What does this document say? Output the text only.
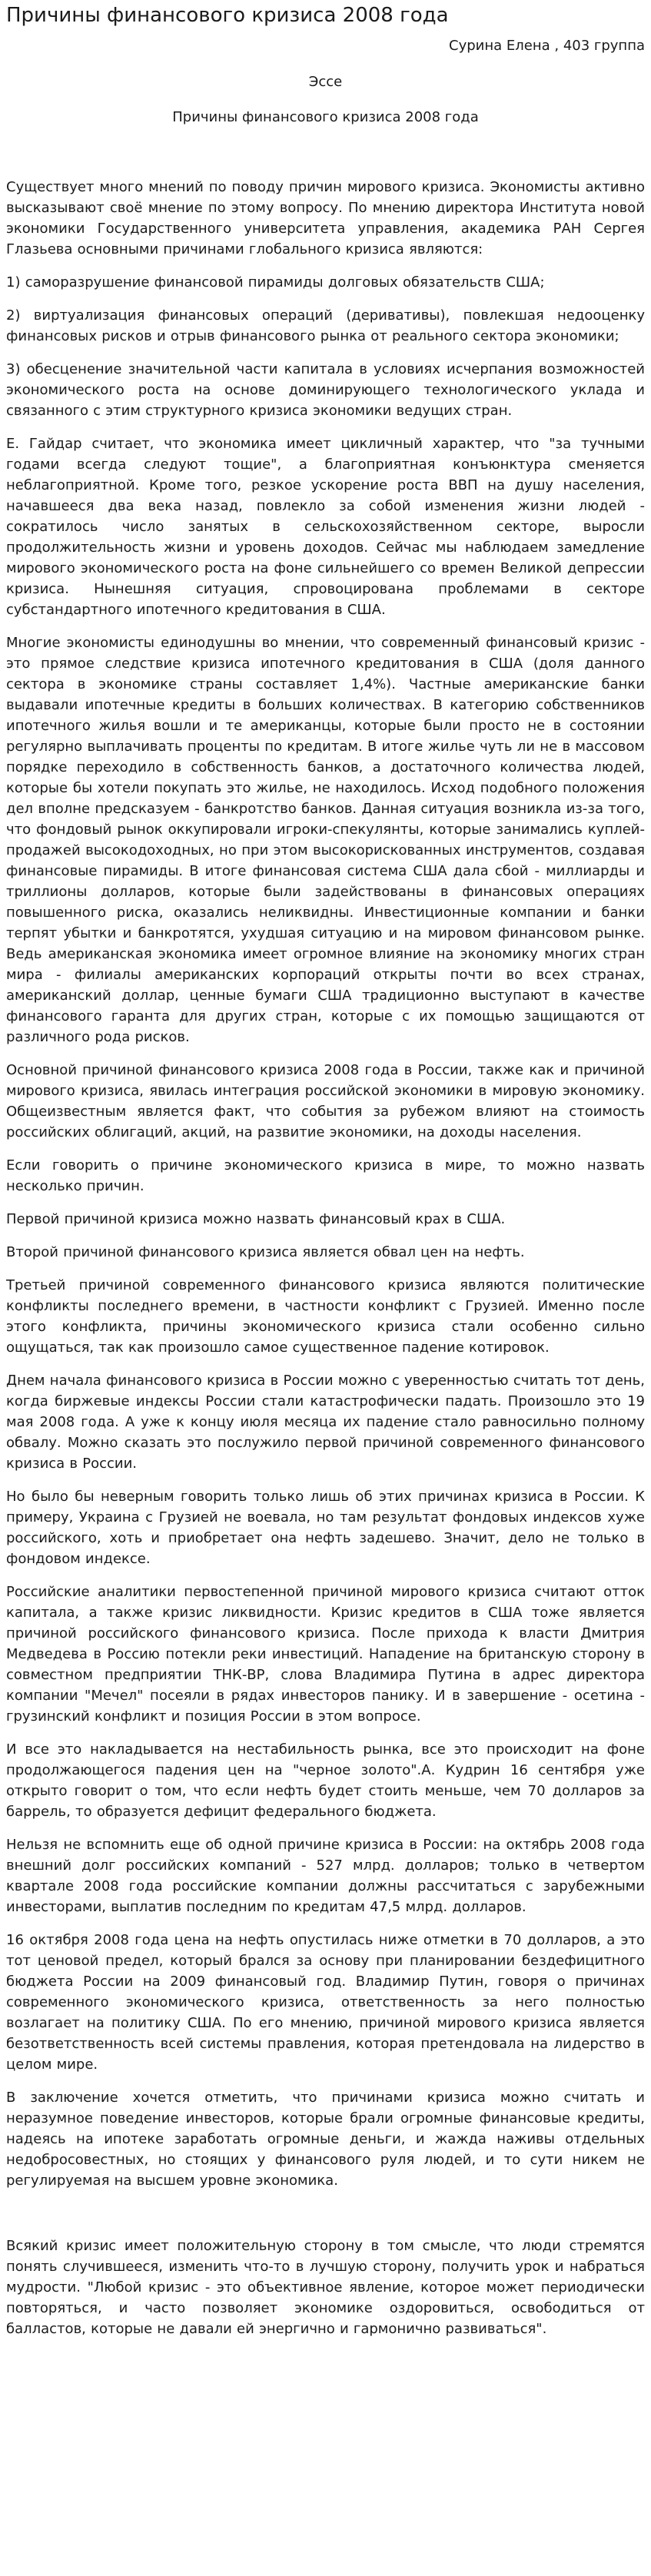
Причины финансового кризиса 2008 года
Сурина Елена , 403 группа
Эссе
Причины финансового кризиса 2008 года

Существует много мнений по поводу причин мирового кризиса. Экономисты активно высказывают своё мнение по этому вопросу. По мнению директора Института новой экономики Государственного университета управления, академика РАН Сергея Глазьева основными причинами глобального кризиса являются:

1) саморазрушение финансовой пирамиды долговых обязательств США;

2) виртуализация финансовых операций (деривативы), повлекшая недооценку финансовых рисков и отрыв финансового рынка от реального сектора экономики;

3) обесценение значительной части капитала в условиях исчерпания возможностей экономического роста на основе доминирующего технологического уклада и связанного с этим структурного кризиса экономики ведущих стран.

Е. Гайдар считает, что экономика имеет цикличный характер, что "за тучными годами всегда следуют тощие", а благоприятная конъюнктура сменяется неблагоприятной. Кроме того, резкое ускорение роста ВВП на душу населения, начавшееся два века назад, повлекло за собой изменения жизни людей - сократилось число занятых в сельскохозяйственном секторе, выросли продолжительность жизни и уровень доходов. Сейчас мы наблюдаем замедление мирового экономического роста на фоне сильнейшего со времен Великой депрессии кризиса. Нынешняя ситуация, спровоцирована проблемами в секторе субстандартного ипотечного кредитования в США.

Многие экономисты единодушны во мнении, что современный финансовый кризис - это прямое следствие кризиса ипотечного кредитования в США (доля данного сектора в экономике страны составляет 1,4%). Частные американские банки выдавали ипотечные кредиты в больших количествах. В категорию собственников ипотечного жилья вошли и те американцы, которые были просто не в состоянии регулярно выплачивать проценты по кредитам. В итоге жилье чуть ли не в массовом порядке переходило в собственность банков, а достаточного количества людей, которые бы хотели покупать это жилье, не находилось. Исход подобного положения дел вполне предсказуем - банкротство банков. Данная ситуация возникла из-за того, что фондовый рынок оккупировали игроки-спекулянты, которые занимались куплей-продажей высокодоходных, но при этом высокорискованных инструментов, создавая финансовые пирамиды. В итоге финансовая система США дала сбой - миллиарды и триллионы долларов, которые были задействованы в финансовых операциях повышенного риска, оказались неликвидны. Инвестиционные компании и банки терпят убытки и банкротятся, ухудшая ситуацию и на мировом финансовом рынке. Ведь американская экономика имеет огромное влияние на экономику многих стран мира - филиалы американских корпораций открыты почти во всех странах, американский доллар, ценные бумаги США традиционно выступают в качестве финансового гаранта для других стран, которые с их помощью защищаются от различного рода рисков.

Основной причиной финансового кризиса 2008 года в России, также как и причиной мирового кризиса, явилась интеграция российской экономики в мировую экономику. Общеизвестным является факт, что события за рубежом влияют на стоимость российских облигаций, акций, на развитие экономики, на доходы населения.

Если говорить о причине экономического кризиса в мире, то можно назвать несколько причин.

Первой причиной кризиса можно назвать финансовый крах в США.

Второй причиной финансового кризиса является обвал цен на нефть.

Третьей причиной современного финансового кризиса являются политические конфликты последнего времени, в частности конфликт с Грузией. Именно после этого конфликта, причины экономического кризиса стали особенно сильно ощущаться, так как произошло самое существенное падение котировок.

Днем начала финансового кризиса в России можно с уверенностью считать тот день, когда биржевые индексы России стали катастрофически падать. Произошло это 19 мая 2008 года. А уже к концу июля месяца их падение стало равносильно полному обвалу. Можно сказать это послужило первой причиной современного финансового кризиса в России.

Но было бы неверным говорить только лишь об этих причинах кризиса в России. К примеру, Украина с Грузией не воевала, но там результат фондовых индексов хуже российского, хоть и приобретает она нефть задешево. Значит, дело не только в фондовом индексе.

Российские аналитики первостепенной причиной мирового кризиса считают отток капитала, а также кризис ликвидности. Кризис кредитов в США тоже является причиной российского финансового кризиса. После прихода к власти Дмитрия Медведева в Россию потекли реки инвестиций. Нападение на британскую сторону в совместном предприятии ТНК-ВР, слова Владимира Путина в адрес директора компании "Мечел" посеяли в рядах инвесторов панику. И в завершение - осетина - грузинский конфликт и позиция России в этом вопросе.

И все это накладывается на нестабильность рынка, все это происходит на фоне продолжающегося падения цен на "черное золото".А. Кудрин 16 сентября уже открыто говорит о том, что если нефть будет стоить меньше, чем 70 долларов за баррель, то образуется дефицит федерального бюджета.

Нельзя не вспомнить еще об одной причине кризиса в России: на октябрь 2008 года внешний долг российских компаний - 527 млрд. долларов; только в четвертом квартале 2008 года российские компании должны рассчитаться с зарубежными инвесторами, выплатив последним по кредитам 47,5 млрд. долларов.

16 октября 2008 года цена на нефть опустилась ниже отметки в 70 долларов, а это тот ценовой предел, который брался за основу при планировании бездефицитного бюджета России на 2009 финансовый год. Владимир Путин, говоря о причинах современного экономического кризиса, ответственность за него полностью возлагает на политику США. По его мнению, причиной мирового кризиса является безответственность всей системы правления, которая претендовала на лидерство в целом мире.

В заключение хочется отметить, что причинами кризиса можно считать и неразумное поведение инвесторов, которые брали огромные финансовые кредиты, надеясь на ипотеке заработать огромные деньги, и жажда наживы отдельных недобросовестных, но стоящих у финансового руля людей, и то сути никем не регулируемая на высшем уровне экономика.

Всякий кризис имеет положительную сторону в том смысле, что люди стремятся понять случившееся, изменить что-то в лучшую сторону, получить урок и набраться мудрости. "Любой кризис - это объективное явление, которое может периодически повторяться, и часто позволяет экономике оздоровиться, освободиться от балластов, которые не давали ей энергично и гармонично развиваться".
